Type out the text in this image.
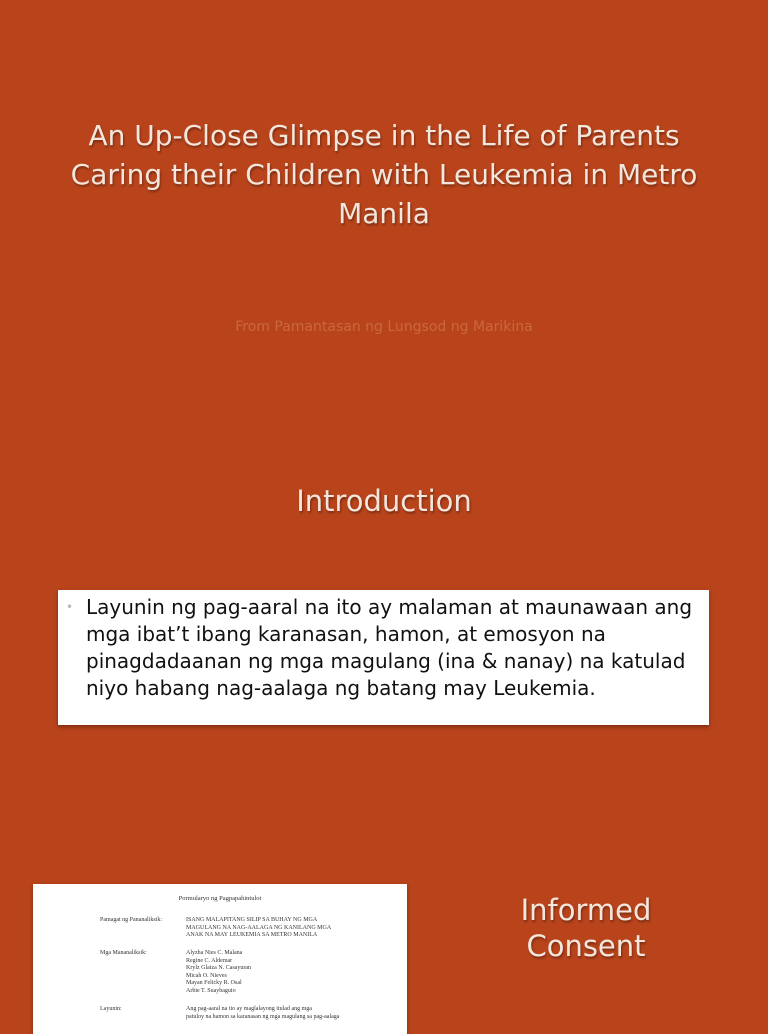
An Up-Close Glimpse in the Life of Parents Caring their Children with Leukemia in Metro Manila
From Pamantasan ng Lungsod ng Marikina
Introduction
• Layunin ng pag-aaral na ito ay malaman at maunawaan ang mga ibat’t ibang karanasan, hamon, at emosyon na pinagdadaanan ng mga magulang (ina & nanay) na katulad niyo habang nag-aalaga ng batang may Leukemia.
Pormularyo ng Pagpapahintulot
Pamagat ng Pananaliksik:	ISANG MALAPITANG SILIP SA BUHAY NG MGA
MAGULANG NA NAG-AALAGA NG KANILANG MGA
ANAK NA MAY LEUKEMIA SA METRO MANILA
Mga Mananaliksik:	Alyzha Nies C. Malana
Regine C. Aldemar
Krylz Glaiza N. Casayuran
Micah O. Nieves
Mayan Felicky R. Osal
Arbie T. Suaybaguio
Layunin:	Ang pag-aaral na ito ay maglalayong itulad ang mga
patuloy na hamon sa karanasan ng mga magulang sa pag-aalaga
Informed Consent
